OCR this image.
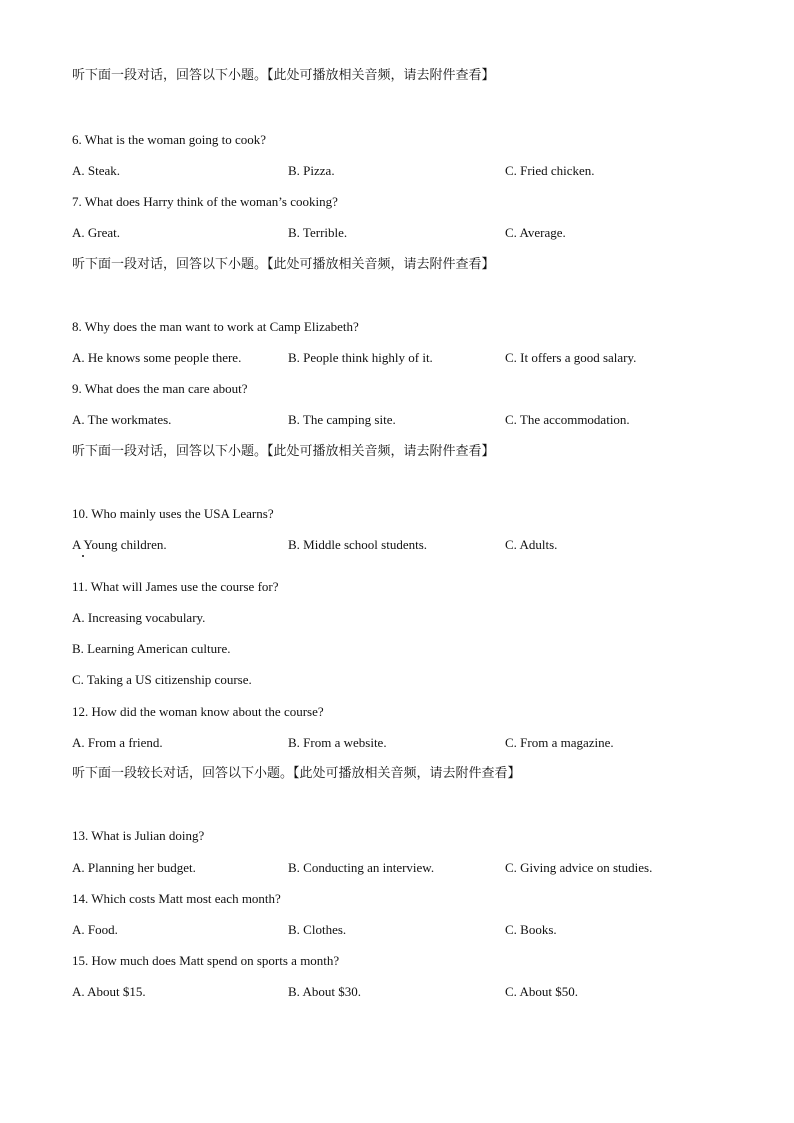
听下面一段对话，回答以下小题。【此处可播放相关音频，请去附件查看】
6. What is the woman going to cook?
A. Steak.	B. Pizza.	C. Fried chicken.
7. What does Harry think of the woman’s cooking?
A. Great.	B. Terrible.	C. Average.
听下面一段对话，回答以下小题。【此处可播放相关音频，请去附件查看】
8. Why does the man want to work at Camp Elizabeth?
A. He knows some people there.	B. People think highly of it.	C. It offers a good salary.
9. What does the man care about?
A. The workmates.	B. The camping site.	C. The accommodation.
听下面一段对话，回答以下小题。【此处可播放相关音频，请去附件查看】
10. Who mainly uses the USA Learns?
A Young children.	B. Middle school students.	C. Adults.
11. What will James use the course for?
A. Increasing vocabulary.
B. Learning American culture.
C. Taking a US citizenship course.
12. How did the woman know about the course?
A. From a friend.	B. From a website.	C. From a magazine.
听下面一段较长对话，回答以下小题。【此处可播放相关音频，请去附件查看】
13. What is Julian doing?
A. Planning her budget.	B. Conducting an interview.	C. Giving advice on studies.
14. Which costs Matt most each month?
A. Food.	B. Clothes.	C. Books.
15. How much does Matt spend on sports a month?
A. About $15.	B. About $30.	C. About $50.
